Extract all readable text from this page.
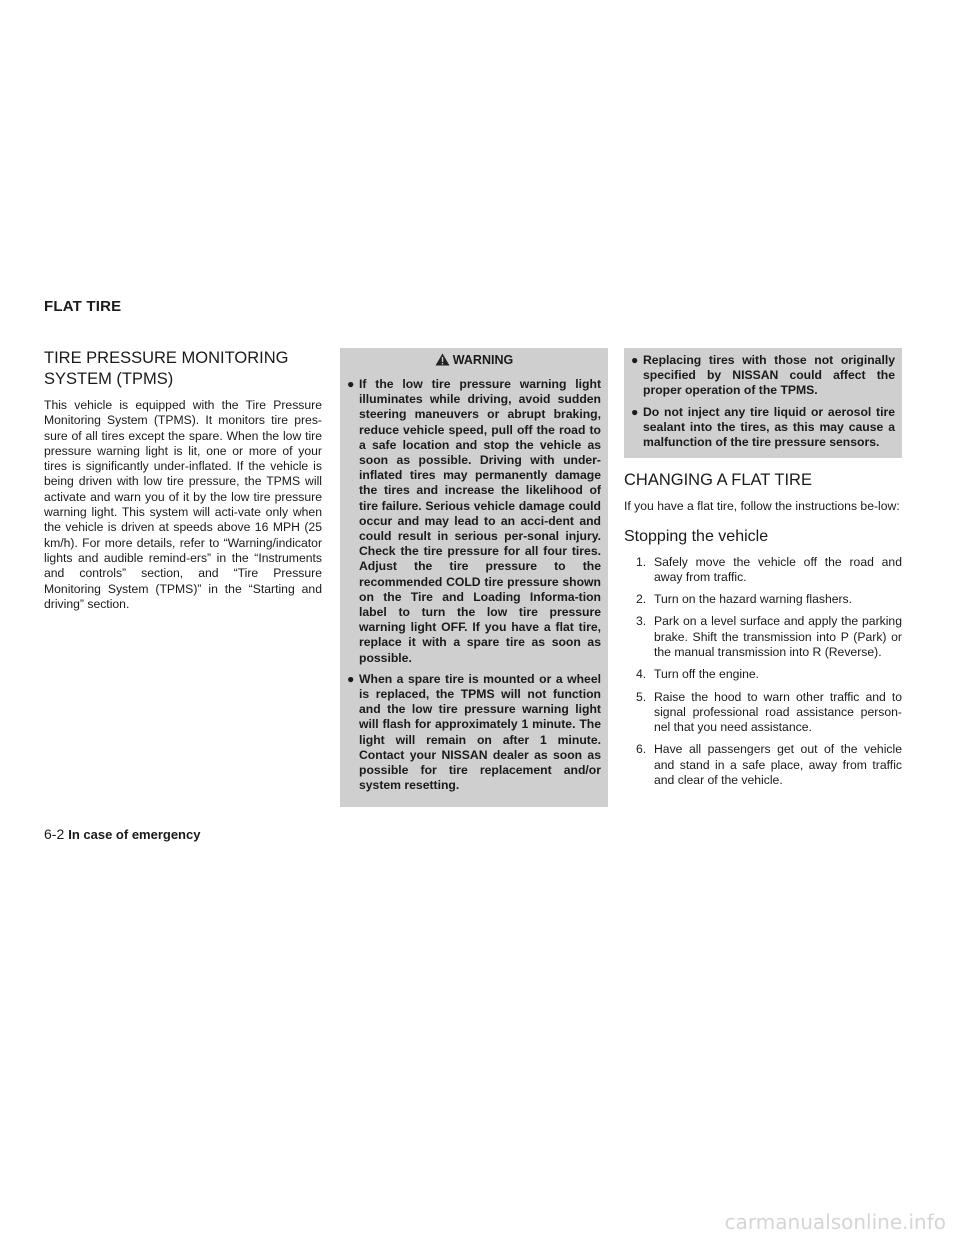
FLAT TIRE
TIRE PRESSURE MONITORING
SYSTEM (TPMS)

This vehicle is equipped with the Tire Pressure Monitoring System (TPMS). It monitors tire pres-sure of all tires except the spare. When the low tire pressure warning light is lit, one or more of your tires is significantly under-inflated. If the vehicle is being driven with low tire pressure, the TPMS will activate and warn you of it by the low tire pressure warning light. This system will acti-vate only when the vehicle is driven at speeds above 16 MPH (25 km/h). For more details, refer to “Warning/indicator lights and audible remind-ers” in the “Instruments and controls” section, and “Tire Pressure Monitoring System (TPMS)” in the “Starting and driving” section.

WARNING
● If the low tire pressure warning light illuminates while driving, avoid sudden steering maneuvers or abrupt braking, reduce vehicle speed, pull off the road to a safe location and stop the vehicle as soon as possible. Driving with under-inflated tires may permanently damage the tires and increase the likelihood of tire failure. Serious vehicle damage could occur and may lead to an acci-dent and could result in serious per-sonal injury. Check the tire pressure for all four tires. Adjust the tire pressure to the recommended COLD tire pressure shown on the Tire and Loading Informa-tion label to turn the low tire pressure warning light OFF. If you have a flat tire, replace it with a spare tire as soon as possible.
● When a spare tire is mounted or a wheel is replaced, the TPMS will not function and the low tire pressure warning light will flash for approximately 1 minute. The light will remain on after 1 minute. Contact your NISSAN dealer as soon as possible for tire replacement and/or system resetting.
● Replacing tires with those not originally specified by NISSAN could affect the proper operation of the TPMS.
● Do not inject any tire liquid or aerosol tire sealant into the tires, as this may cause a malfunction of the tire pressure sensors.
CHANGING A FLAT TIRE

If you have a flat tire, follow the instructions be-low:

Stopping the vehicle
1. Safely move the vehicle off the road and away from traffic.
2. Turn on the hazard warning flashers.
3. Park on a level surface and apply the parking brake. Shift the transmission into P (Park) or the manual transmission into R (Reverse).
4. Turn off the engine.
5. Raise the hood to warn other traffic and to signal professional road assistance person-nel that you need assistance.
6. Have all passengers get out of the vehicle and stand in a safe place, away from traffic and clear of the vehicle.
6-2 In case of emergency
carmanualsonline.info
